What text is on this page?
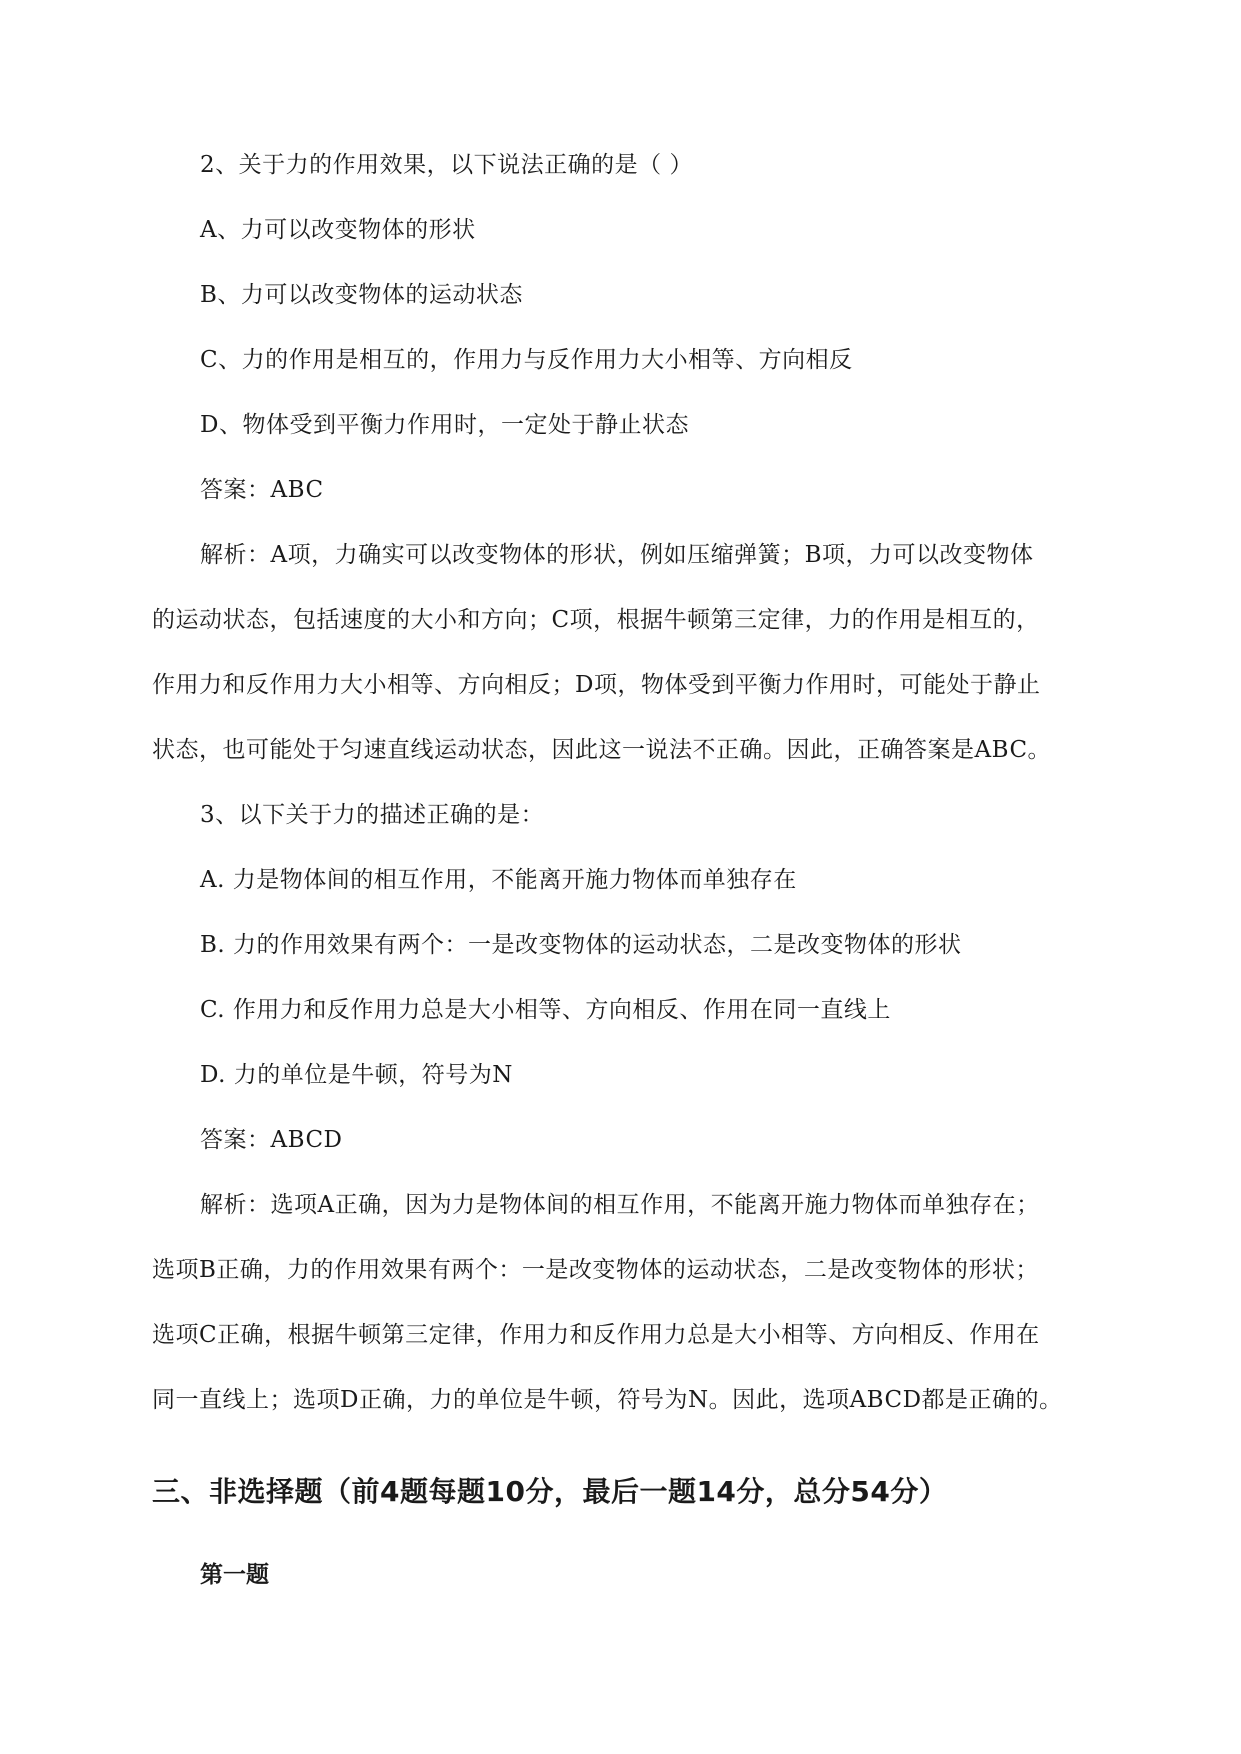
2、关于力的作用效果，以下说法正确的是（ ）
A、力可以改变物体的形状
B、力可以改变物体的运动状态
C、力的作用是相互的，作用力与反作用力大小相等、方向相反
D、物体受到平衡力作用时，一定处于静止状态
答案：ABC
解析：A项，力确实可以改变物体的形状，例如压缩弹簧；B项，力可以改变物体
的运动状态，包括速度的大小和方向；C项，根据牛顿第三定律，力的作用是相互的，
作用力和反作用力大小相等、方向相反；D项，物体受到平衡力作用时，可能处于静止
状态，也可能处于匀速直线运动状态，因此这一说法不正确。因此，正确答案是ABC。
3、以下关于力的描述正确的是：
A. 力是物体间的相互作用，不能离开施力物体而单独存在
B. 力的作用效果有两个：一是改变物体的运动状态，二是改变物体的形状
C. 作用力和反作用力总是大小相等、方向相反、作用在同一直线上
D. 力的单位是牛顿，符号为N
答案：ABCD
解析：选项A正确，因为力是物体间的相互作用，不能离开施力物体而单独存在；
选项B正确，力的作用效果有两个：一是改变物体的运动状态，二是改变物体的形状；
选项C正确，根据牛顿第三定律，作用力和反作用力总是大小相等、方向相反、作用在
同一直线上；选项D正确，力的单位是牛顿，符号为N。因此，选项ABCD都是正确的。
三、非选择题（前4题每题10分，最后一题14分，总分54分）
第一题
